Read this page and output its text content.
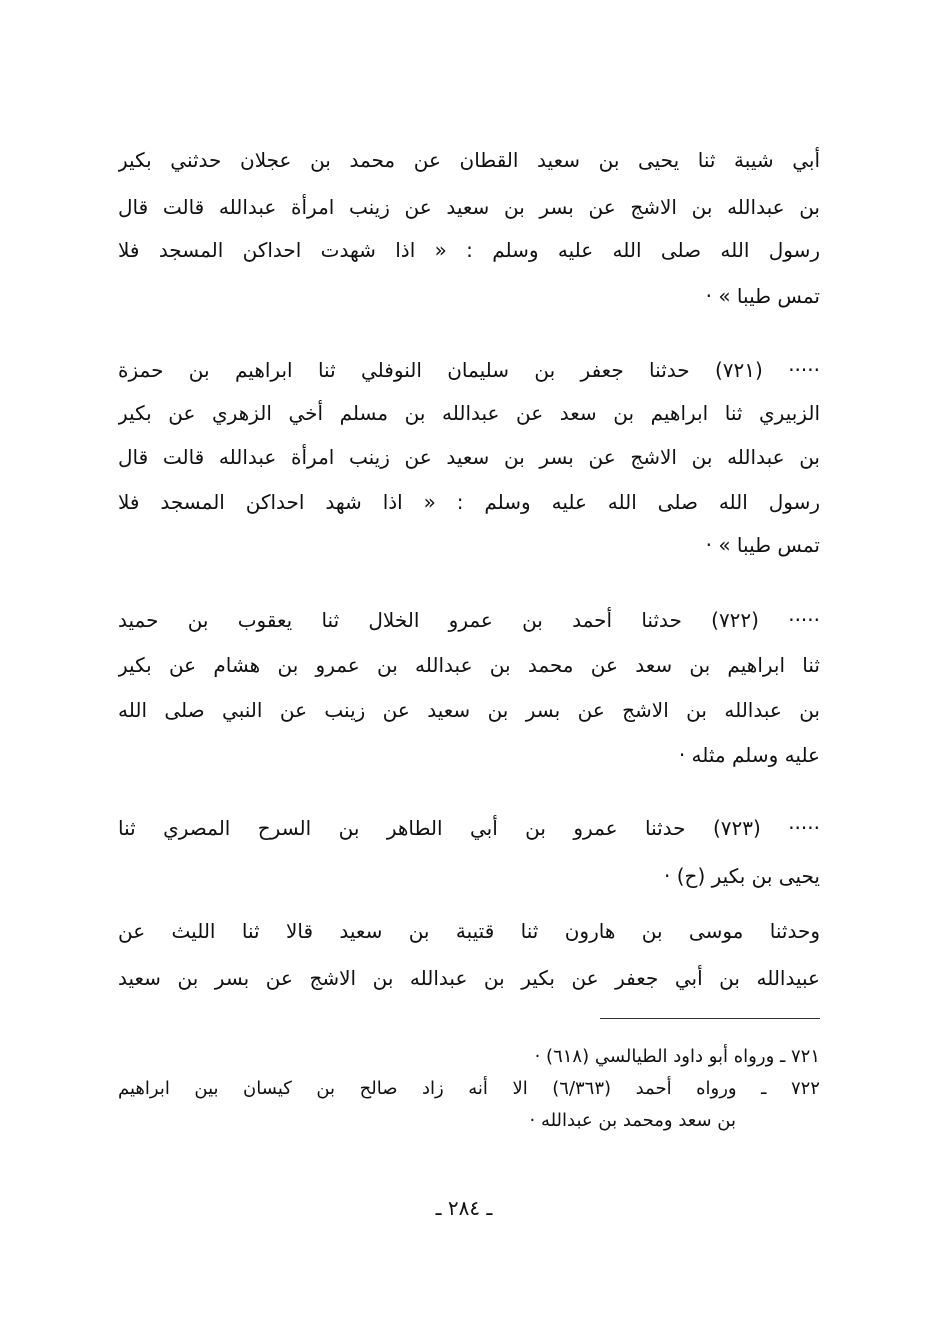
أبي شيبة ثنا يحيى بن سعيد القطان عن محمد بن عجلان حدثني بكير
بن عبدالله بن الاشج عن بسر بن سعيد عن زينب امرأة عبدالله قالت قال
رسول الله صلى الله عليه وسلم : « اذا شهدت احداكن المسجد فلا
تمس طيبا » ·
····· (٧٢١) حدثنا جعفر بن سليمان النوفلي ثنا ابراهيم بن حمزة
الزبيري ثنا ابراهيم بن سعد عن عبدالله بن مسلم أخي الزهري عن بكير
بن عبدالله بن الاشج عن بسر بن سعيد عن زينب امرأة عبدالله قالت قال
رسول الله صلى الله عليه وسلم : « اذا شهد احداكن المسجد فلا
تمس طيبا » ·
····· (٧٢٢) حدثنا أحمد بن عمرو الخلال ثنا يعقوب بن حميد
ثنا ابراهيم بن سعد عن محمد بن عبدالله بن عمرو بن هشام عن بكير
بن عبدالله بن الاشج عن بسر بن سعيد عن زينب عن النبي صلى الله
عليه وسلم مثله ·
····· (٧٢٣) حدثنا عمرو بن أبي الطاهر بن السرح المصري ثنا
يحيى بن بكير (ح) ·
وحدثنا موسى بن هارون ثنا قتيبة بن سعيد قالا ثنا الليث عن
عبيدالله بن أبي جعفر عن بكير بن عبدالله بن الاشج عن بسر بن سعيد
٧٢١ ـ ورواه أبو داود الطيالسي (٦١٨) ·
٧٢٢ ـ ورواه أحمد (٦/٣٦٣) الا أنه زاد صالح بن كيسان بين ابراهيم
بن سعد ومحمد بن عبدالله ·
ـ ٢٨٤ ـ
